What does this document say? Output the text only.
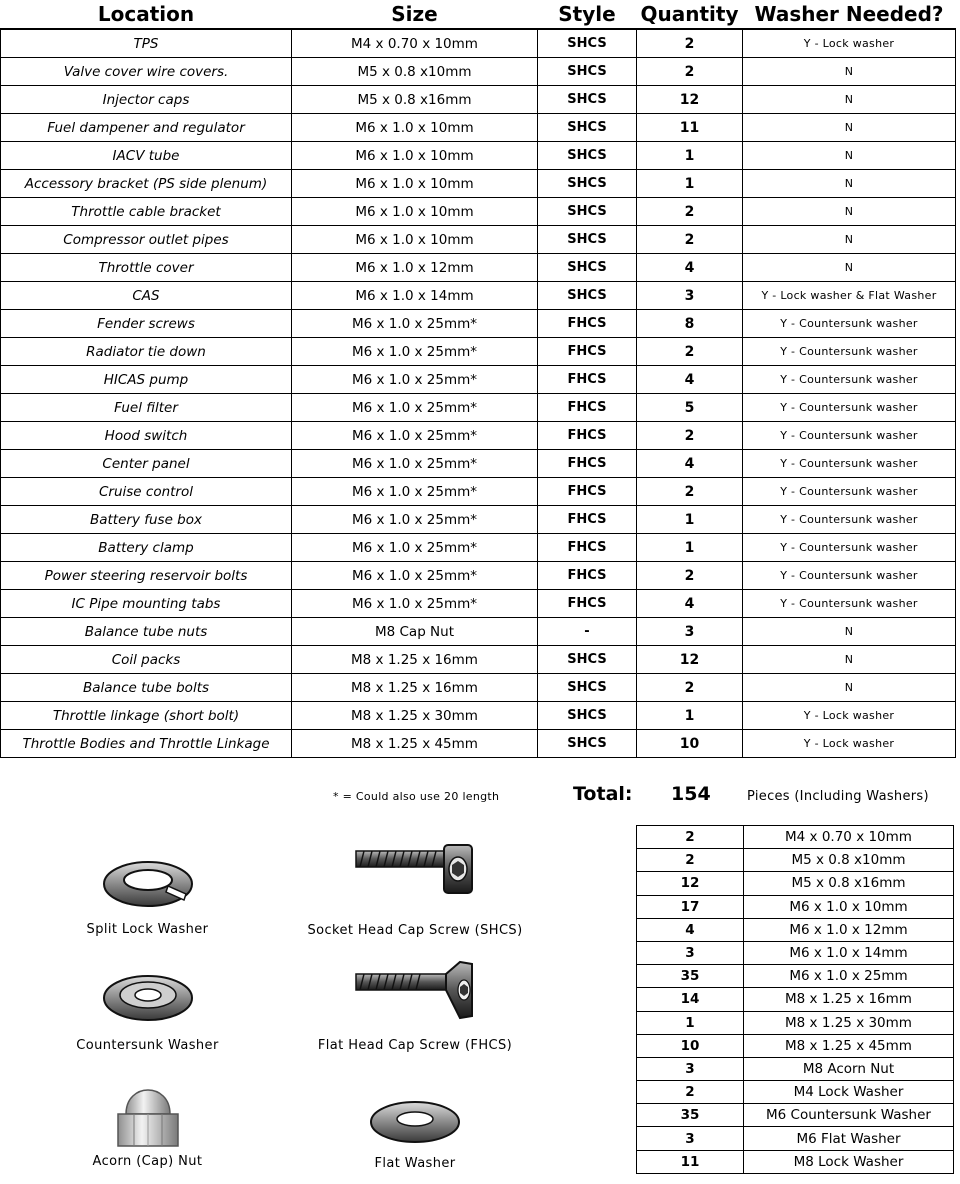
Location	Size	Style	Quantity	Washer Needed?
TPS	M4 x 0.70 x 10mm	SHCS	2	Y - Lock washer
Valve cover wire covers.	M5 x 0.8 x10mm	SHCS	2	N
Injector caps	M5 x 0.8 x16mm	SHCS	12	N
Fuel dampener and regulator	M6 x 1.0 x 10mm	SHCS	11	N
IACV tube	M6 x 1.0 x 10mm	SHCS	1	N
Accessory bracket (PS side plenum)	M6 x 1.0 x 10mm	SHCS	1	N
Throttle cable bracket	M6 x 1.0 x 10mm	SHCS	2	N
Compressor outlet pipes	M6 x 1.0 x 10mm	SHCS	2	N
Throttle cover	M6 x 1.0 x 12mm	SHCS	4	N
CAS	M6 x 1.0 x 14mm	SHCS	3	Y - Lock washer & Flat Washer
Fender screws	M6 x 1.0 x 25mm*	FHCS	8	Y - Countersunk washer
Radiator tie down	M6 x 1.0 x 25mm*	FHCS	2	Y - Countersunk washer
HICAS pump	M6 x 1.0 x 25mm*	FHCS	4	Y - Countersunk washer
Fuel filter	M6 x 1.0 x 25mm*	FHCS	5	Y - Countersunk washer
Hood switch	M6 x 1.0 x 25mm*	FHCS	2	Y - Countersunk washer
Center panel	M6 x 1.0 x 25mm*	FHCS	4	Y - Countersunk washer
Cruise control	M6 x 1.0 x 25mm*	FHCS	2	Y - Countersunk washer
Battery fuse box	M6 x 1.0 x 25mm*	FHCS	1	Y - Countersunk washer
Battery clamp	M6 x 1.0 x 25mm*	FHCS	1	Y - Countersunk washer
Power steering reservoir bolts	M6 x 1.0 x 25mm*	FHCS	2	Y - Countersunk washer
IC Pipe mounting tabs	M6 x 1.0 x 25mm*	FHCS	4	Y - Countersunk washer
Balance tube nuts	M8 Cap Nut	-	3	N
Coil packs	M8 x 1.25 x 16mm	SHCS	12	N
Balance tube bolts	M8 x 1.25 x 16mm	SHCS	2	N
Throttle linkage (short bolt)	M8 x 1.25 x 30mm	SHCS	1	Y - Lock washer
Throttle Bodies and Throttle Linkage	M8 x 1.25 x 45mm	SHCS	10	Y - Lock washer
* = Could also use 20 length	Total: 154	Pieces (Including Washers)
2	M4 x 0.70 x 10mm
2	M5 x 0.8 x10mm
12	M5 x 0.8 x16mm
17	M6 x 1.0 x 10mm
4	M6 x 1.0 x 12mm
3	M6 x 1.0 x 14mm
35	M6 x 1.0 x 25mm
14	M8 x 1.25 x 16mm
1	M8 x 1.25 x 30mm
10	M8 x 1.25 x 45mm
3	M8 Acorn Nut
2	M4 Lock Washer
35	M6 Countersunk Washer
3	M6 Flat Washer
11	M8 Lock Washer
Split Lock Washer	Socket Head Cap Screw (SHCS)
Countersunk Washer	Flat Head Cap Screw (FHCS)
Acorn (Cap) Nut	Flat Washer
